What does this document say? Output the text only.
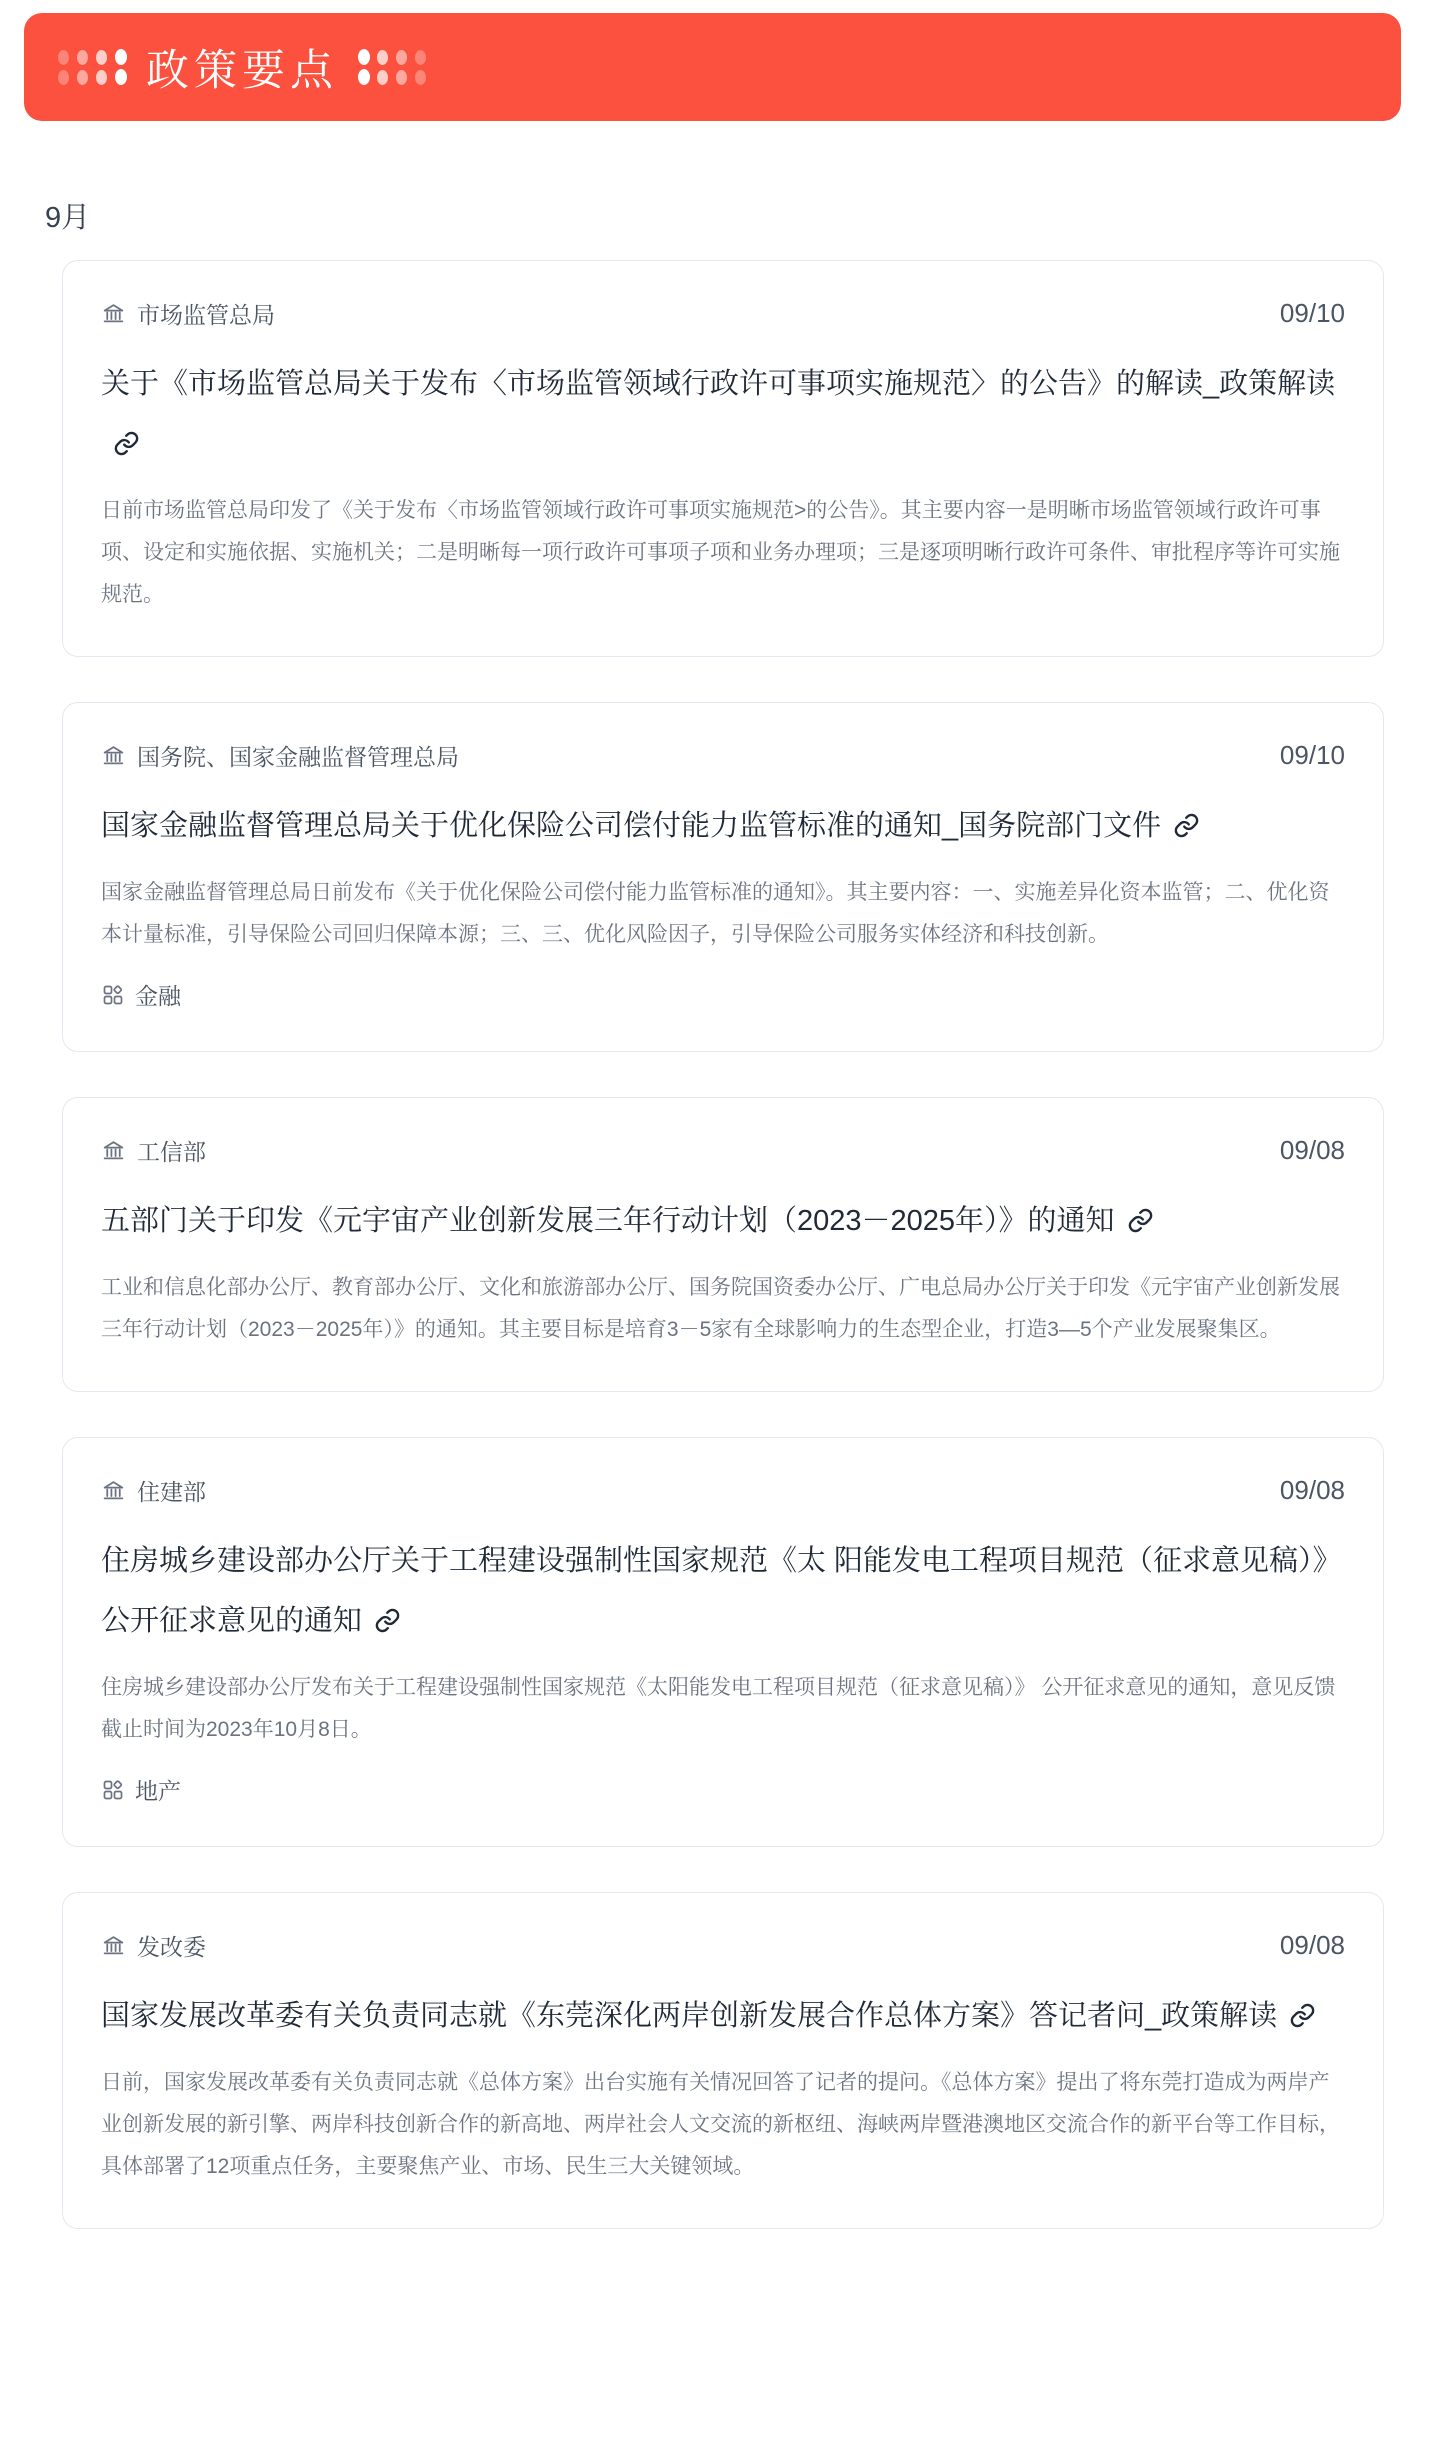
政策要点
9月
市场监管总局	09/10
关于《市场监管总局关于发布〈市场监管领域行政许可事项实施规范〉的公告》的解读_政策解读
日前市场监管总局印发了《关于发布〈市场监管领域行政许可事项实施规范>的公告》。其主要内容一是明晰市场监管领域行政许可事项、设定和实施依据、实施机关；二是明晰每一项行政许可事项子项和业务办理项；三是逐项明晰行政许可条件、审批程序等许可实施规范。
国务院、国家金融监督管理总局	09/10
国家金融监督管理总局关于优化保险公司偿付能力监管标准的通知_国务院部门文件
国家金融监督管理总局日前发布《关于优化保险公司偿付能力监管标准的通知》。其主要内容：一、实施差异化资本监管；二、优化资本计量标准，引导保险公司回归保障本源；三、三、优化风险因子，引导保险公司服务实体经济和科技创新。
金融
工信部	09/08
五部门关于印发《元宇宙产业创新发展三年行动计划（2023－2025年）》的通知
工业和信息化部办公厅、教育部办公厅、文化和旅游部办公厅、国务院国资委办公厅、广电总局办公厅关于印发《元宇宙产业创新发展三年行动计划（2023－2025年）》的通知。其主要目标是培育3－5家有全球影响力的生态型企业，打造3—5个产业发展聚集区。
住建部	09/08
住房城乡建设部办公厅关于工程建设强制性国家规范《太 阳能发电工程项目规范（征求意见稿）》 公开征求意见的通知
住房城乡建设部办公厅发布关于工程建设强制性国家规范《太阳能发电工程项目规范（征求意见稿）》 公开征求意见的通知，意见反馈截止时间为2023年10月8日。
地产
发改委	09/08
国家发展改革委有关负责同志就《东莞深化两岸创新发展合作总体方案》答记者问_政策解读
日前，国家发展改革委有关负责同志就《总体方案》出台实施有关情况回答了记者的提问。《总体方案》提出了将东莞打造成为两岸产业创新发展的新引擎、两岸科技创新合作的新高地、两岸社会人文交流的新枢纽、海峡两岸暨港澳地区交流合作的新平台等工作目标，具体部署了12项重点任务，主要聚焦产业、市场、民生三大关键领域。
